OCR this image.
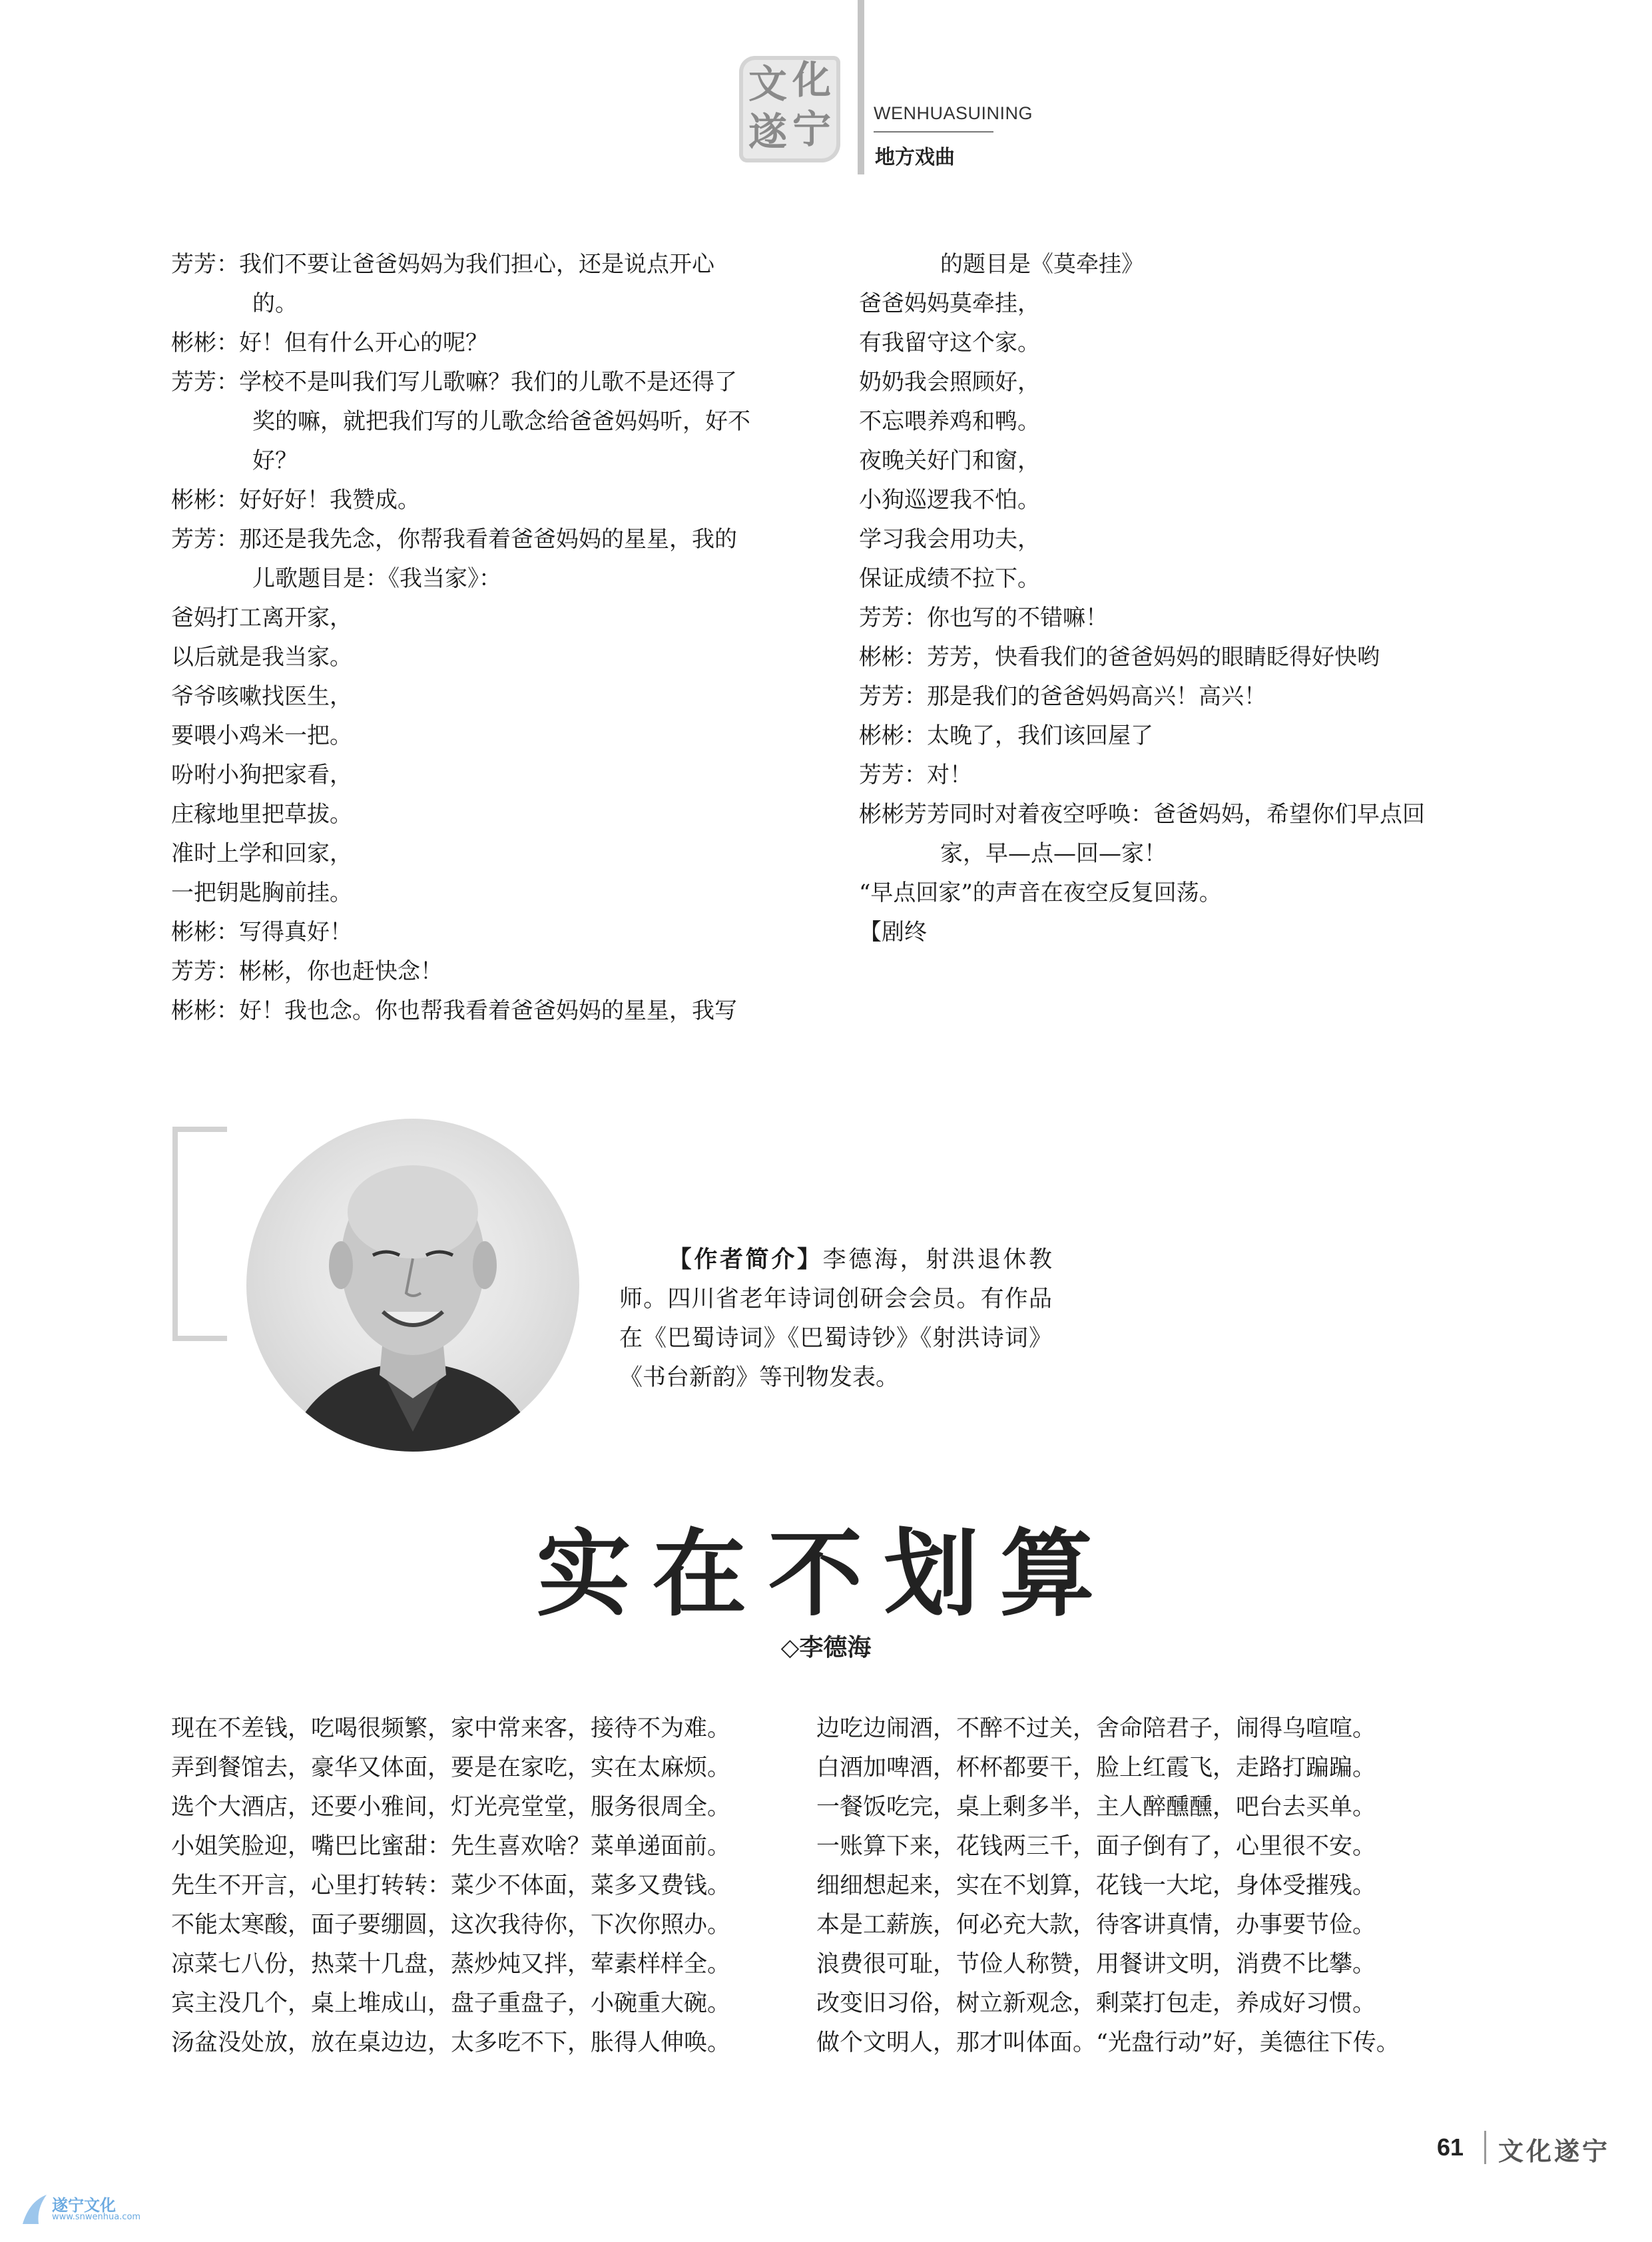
文 化
遂 宁 WENHUASUINING
地方戏曲
芳芳：我们不要让爸爸妈妈为我们担心，还是说点开心
的。
彬彬：好！但有什么开心的呢？
芳芳：学校不是叫我们写儿歌嘛？我们的儿歌不是还得了
奖的嘛，就把我们写的儿歌念给爸爸妈妈听，好不
好？
彬彬：好好好！我赞成。
芳芳：那还是我先念，你帮我看着爸爸妈妈的星星，我的
儿歌题目是：《我当家》：
爸妈打工离开家，
以后就是我当家。
爷爷咳嗽找医生，
要喂小鸡米一把。
吩咐小狗把家看，
庄稼地里把草拔。
准时上学和回家，
一把钥匙胸前挂。
彬彬：写得真好！
芳芳：彬彬，你也赶快念！
彬彬：好！我也念。你也帮我看着爸爸妈妈的星星，我写
的题目是《莫牵挂》
爸爸妈妈莫牵挂，
有我留守这个家。
奶奶我会照顾好，
不忘喂养鸡和鸭。
夜晚关好门和窗，
小狗巡逻我不怕。
学习我会用功夫，
保证成绩不拉下。
芳芳：你也写的不错嘛！
彬彬：芳芳，快看我们的爸爸妈妈的眼睛眨得好快哟
芳芳：那是我们的爸爸妈妈高兴！高兴！
彬彬：太晚了，我们该回屋了
芳芳：对！
彬彬芳芳同时对着夜空呼唤：爸爸妈妈，希望你们早点回
家，早—点—回—家！
“早点回家”的声音在夜空反复回荡。
【剧终
【作者简介】李德海，射洪退休教师。四川省老年诗词创研会会员。有作品在《巴蜀诗词》《巴蜀诗钞》《射洪诗词》《书台新韵》等刊物发表。
实在不划算
◇李德海
现在不差钱，吃喝很频繁，家中常来客，接待不为难。
弄到餐馆去，豪华又体面，要是在家吃，实在太麻烦。
选个大酒店，还要小雅间，灯光亮堂堂，服务很周全。
小姐笑脸迎，嘴巴比蜜甜：先生喜欢啥？菜单递面前。
先生不开言，心里打转转：菜少不体面，菜多又费钱。
不能太寒酸，面子要绷圆，这次我待你，下次你照办。
凉菜七八份，热菜十几盘，蒸炒炖又拌，荤素样样全。
宾主没几个，桌上堆成山，盘子重盘子，小碗重大碗。
汤盆没处放，放在桌边边，太多吃不下，胀得人伸唤。
边吃边闹酒，不醉不过关，舍命陪君子，闹得乌喧喧。
白酒加啤酒，杯杯都要干，脸上红霞飞，走路打蹁蹁。
一餐饭吃完，桌上剩多半，主人醉醺醺，吧台去买单。
一账算下来，花钱两三千，面子倒有了，心里很不安。
细细想起来，实在不划算，花钱一大坨，身体受摧残。
本是工薪族，何必充大款，待客讲真情，办事要节俭。
浪费很可耻，节俭人称赞，用餐讲文明，消费不比攀。
改变旧习俗，树立新观念，剩菜打包走，养成好习惯。
做个文明人，那才叫体面。“光盘行动”好，美德往下传。
61 文化遂宁
遂宁文化
www.snwenhua.com
